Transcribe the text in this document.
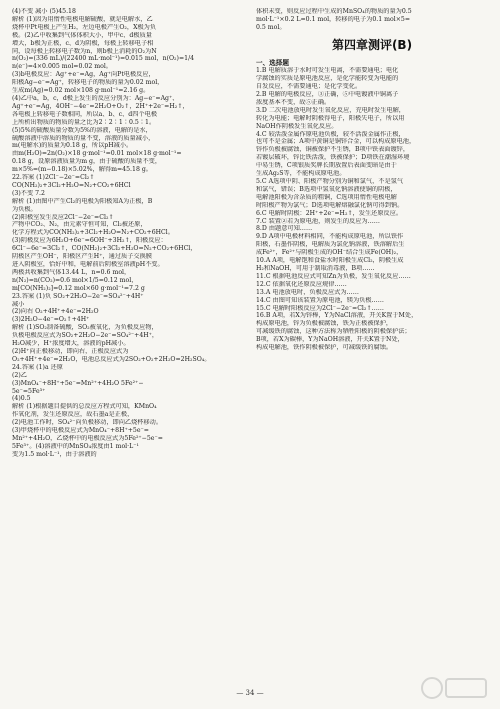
(4)不变 减小 (5)45.18
解析 (1)因为用惰性电极电解硫酸，就是电解水，乙
烧杯中Pt电极上产生H₂，左边电极产生O₂，X极为负
极。(2)乙中收集到气体体积大小，甲中c、d极质量
增大，b极为正极，c、d为阴极，每极上转移电子相
同，设每极上转移电子数为n，则b极上消耗的O₂为N
n(O₂)=(336 mL)/(22400 mL·mol⁻¹)=0.015 mol，n(O₂)=1/4
n(e⁻)=4×0.005 mol=0.02 mol。
(3)b电极反应：Ag⁺+e⁻=Ag，Ag⁺向Pt电极反应，
阳极Ag−e⁻=Ag⁺，转移电子的物质的量为0.02 mol，
生成m(Ag)=0.02 mol×108 g·mol⁻¹=2.16 g。
(4)乙中a，b，c，d极上发生的反应分别为：Ag−e⁻=Ag⁺、
Ag⁺+e⁻=Ag，4OH⁻−4e⁻=2H₂O+O₂↑，2H⁺+2e⁻=H₂↑，
各电极上转移电子数相同，所以a、b、c、d四个电极
上所析出物质的物质的量之比为2∶2∶1∶0.5∶1。
(5)5%的硫酸质量分数为5%的溶液，电解的是水，
硫酸溶液中溶质的物质的量不变，溶液的质量减小，
m(电解水)的质量为0.18 g，所以pH减小。
由m(H₂O)=2n(O₂)×18 g·mol⁻¹=0.01 mol×18 g·mol⁻¹=
0.18 g，设原溶液质量为m g，由于硫酸的质量不变，
m×5%=(m−0.18)×5.02%，解得m=45.18 g。
22.答案 (1)2Cl⁻−2e⁻=Cl₂↑
CO(NH₂)₂+3Cl₂+H₂O=N₂+CO₂+6HCl
(3)不变 7.2
解析 (1)由图中产生Cl₂的电极为阳极知A为正极，B
为负极。
(2)阳极室发生反应2Cl⁻−2e⁻=Cl₂↑
产物中CO₂、N₂，由元素守恒可知，Cl₂被还原，
化学方程式为CO(NH₂)₂+3Cl₂+H₂O=N₂+CO₂+6HCl。
(3)阴极反应为6H₂O+6e⁻=6OH⁻+3H₂↑，阳极反应：
6Cl⁻−6e⁻=3Cl₂↑，CO(NH₂)₂+3Cl₂+H₂O=N₂+CO₂+6HCl，
阴极区产生OH⁻，阳极区产生H⁺，通过质子交换膜
进入阴极室，恰好中和，电解前后阴极室溶液pH不变。
两极共收集到气体13.44 L，n=0.6 mol，
n(N₂)=n(CO₂)=0.6 mol×1/5=0.12 mol，
m[CO(NH₂)₂]=0.12 mol×60 g·mol⁻¹=7.2 g
23.答案 (1)负 SO₂+2H₂O−2e⁻=SO₄²⁻+4H⁺
减小
(2)向右 O₂+4H⁺+4e⁻=2H₂O
(3)2H₂O−4e⁻=O₂↑+4H⁺
解析 (1)SO₂制备硫酸，SO₂被氧化，为负极反应物，
负极电极反应式为SO₂+2H₂O−2e⁻=SO₄²⁻+4H⁺，
H₂O减少，H⁺浓度增大，溶液的pH减小。
(2)H⁺向正极移动，即向右，正极反应式为
O₂+4H⁺+4e⁻=2H₂O，电池总反应式为2SO₂+O₂+2H₂O=2H₂SO₄。
24.答案 (1)a 还原
(2)乙
(3)MnO₄⁻+8H⁺+5e⁻=Mn²⁺+4H₂O 5Fe²⁺−
5e⁻=5Fe³⁺
(4)0.5
解析 (1)根据题目提供的总反应方程式可知，KMnO₄
作氧化剂，发生还原反应，故石墨a是正极，
(2)电池工作时，SO₄²⁻向负极移动，即向乙烧杯移动。
(3)甲烧杯中的电极反应式为MnO₄⁻+8H⁺+5e⁻=
Mn²⁺+4H₂O，乙烧杯中的电极反应式为5Fe²⁺−5e⁻=
5Fe³⁺。(4)溶液中的MnSO₄浓度由1 mol·L⁻¹
变为1.5 mol·L⁻¹，由于溶液的
体积未变，则反应过程中生成的MnSO₄的物质的量为0.5
mol·L⁻¹×0.2 L=0.1 mol，转移的电子为0.1 mol×5=
0.5 mol。
第四章测评(B)
一、选择题
1.B 电解质溶于水时可发生电离，不需要通电；电化
学腐蚀的实质是原电池反应，是化学能转变为电能的
自发反应，不需要通电；是化学变化。
2.B 电解的电极反应，③正确，⑤中电镀液中铜离子
浓度基本不变，故⑤正确。
3.D 二次电池放电时发生氧化反应，充电时发生电解，
转化为电能；电解时阴极得电子，阳极失电子，所以用
NaOH作阴极发生氧化反应。
4.C 较活泼金属作原电池负极，较不活泼金属作正极，
也可不是金属；A项中黄铜是铜锌合金，可以构成原电池，
锌作负极被腐蚀，铜被保护不生锈，B项中铁表面镀锌，
若镀层破坏，锌比铁活泼，铁被保护；D项铁在潮湿环境
中易生锈，C项银质奖牌长期放置后表面变暗是由于
生成Ag₂S等，不能构成原电池。
5.C A选项中阴、阳极产物分别为铜和氯气，不是氢气
和氯气，错误；B选项中氢氧化钠溶液使铜的阴极，
电解池阳极为含杂质的粗铜，C选项用惰性电极电解
时阳极产物为氯气；D选项电解熔融氯化钠可得到钠。
6.C 电解时阴极：2H⁺+2e⁻=H₂↑，发生还原反应。
7.C 装置②若为原电池，则发生的反应为……
8.D 由题意可知……
9.D A项中电极材料相同，不能构成原电池，所以铁作
阳极，石墨作阴极，电解质为氯化钠溶液，铁溶解后生
成Fe²⁺，Fe²⁺与阴极生成的OH⁻结合生成Fe(OH)₂，
10.A A项，电解饱和食盐水时阳极生成Cl₂，阴极生成
H₂和NaOH，可用于制取消毒液，B项……
11.C 根据电池反应式可知Zn为负极，发生氧化反应……
12.C 依据氧化还原反应规律……
13.A 电池放电时，负极反应式为……
14.C 由图可知该装置为原电池，镁为负极……
15.C 电解时阳极反应为2Cl⁻−2e⁻=Cl₂↑……
16.B A项，若X为锌棒，Y为NaCl溶液，开关K置于M处，
构成原电池，锌为负极被腐蚀，铁为正极被保护，
可减缓铁的腐蚀，这种方法称为牺牲阳极的阴极保护法；
B项，若X为碳棒，Y为NaOH溶液，开关K置于N处，
构成电解池，铁作阴极被保护，可减缓铁的腐蚀。
— 34 —
